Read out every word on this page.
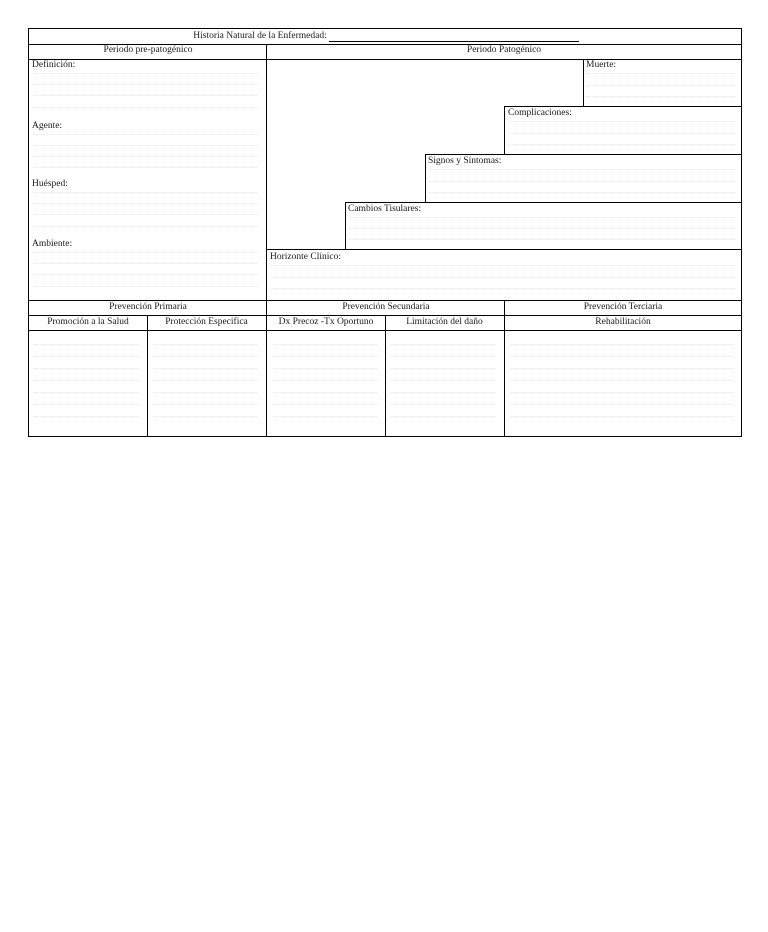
Historia Natural de la Enfermedad:
Periodo pre-patogénico	Periodo Patogénico
Definición:
Agente:
Huésped:
Ambiente:
Muerte:
Complicaciones:
Signos y Síntomas:
Cambios Tisulares:
Horizonte Clínico:
Prevención Primaria	Prevención Secundaria	Prevención Terciaria
Promoción a la Salud	Protección Especifica	Dx Precoz -Tx Oportuno	Limitación del daño	Rehabilitación
